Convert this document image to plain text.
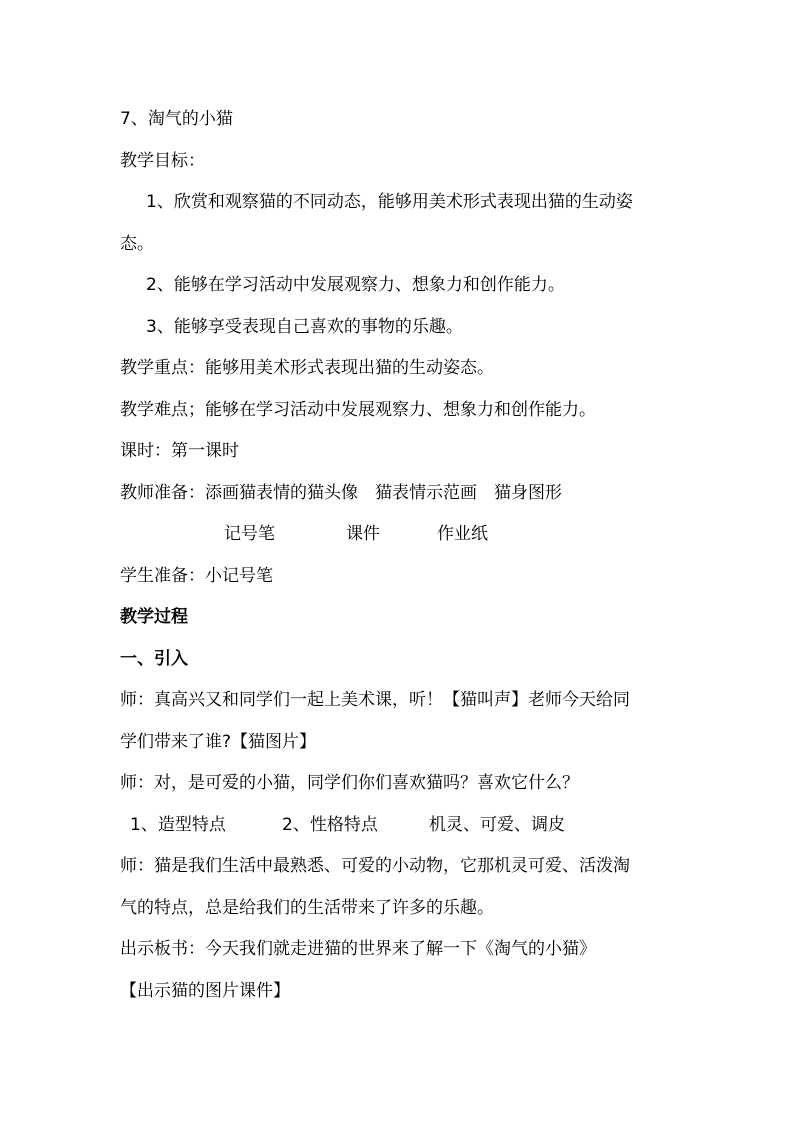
7、淘气的小猫
教学目标：
1、欣赏和观察猫的不同动态，能够用美术形式表现出猫的生动姿
态。
2、能够在学习活动中发展观察力、想象力和创作能力。
3、能够享受表现自己喜欢的事物的乐趣。
教学重点：能够用美术形式表现出猫的生动姿态。
教学难点；能够在学习活动中发展观察力、想象力和创作能力。
课时：第一课时
教师准备：添画猫表情的猫头像 猫表情示范画 猫身图形
记号笔	课件	作业纸
学生准备：小记号笔
教学过程
一、引入
师：真高兴又和同学们一起上美术课，听！【猫叫声】老师今天给同
学们带来了谁?【猫图片】
师：对，是可爱的小猫，同学们你们喜欢猫吗？喜欢它什么？
1、造型特点	2、性格特点	机灵、可爱、调皮
师：猫是我们生活中最熟悉、可爱的小动物，它那机灵可爱、活泼淘
气的特点，总是给我们的生活带来了许多的乐趣。
出示板书：今天我们就走进猫的世界来了解一下《淘气的小猫》
【出示猫的图片课件】
